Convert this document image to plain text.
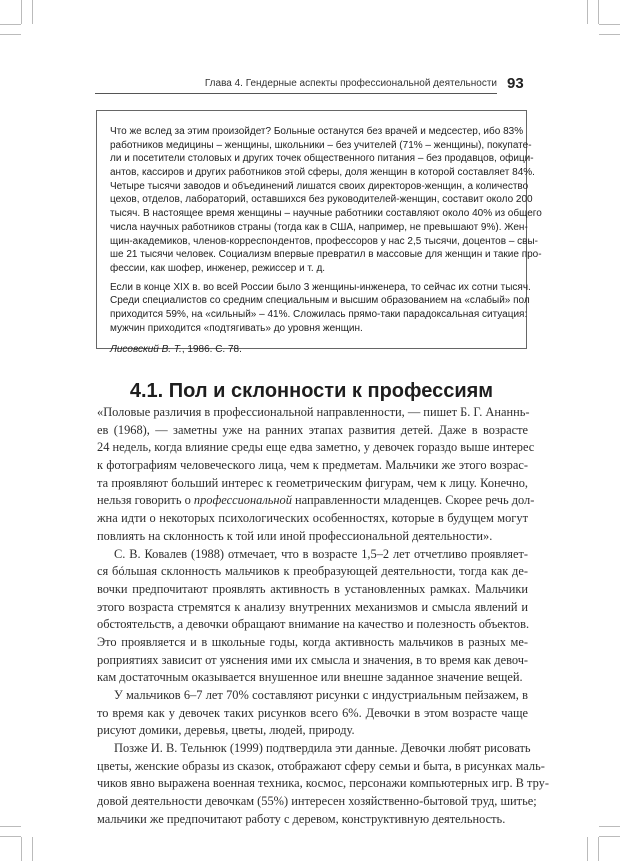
Глава 4. Гендерные аспекты профессиональной деятельности 93
Что же вслед за этим произойдет? Больные останутся без врачей и медсестер, ибо 83%
работников медицины – женщины, школьники – без учителей (71% – женщины), покупате-
ли и посетители столовых и других точек общественного питания – без продавцов, офици-
антов, кассиров и других работников этой сферы, доля женщин в которой составляет 84%.
Четыре тысячи заводов и объединений лишатся своих директоров-женщин, а количество
цехов, отделов, лабораторий, оставшихся без руководителей-женщин, составит около 200
тысяч. В настоящее время женщины – научные работники составляют около 40% из общего
числа научных работников страны (тогда как в США, например, не превышают 9%). Жен-
щин-академиков, членов-корреспондентов, профессоров у нас 2,5 тысячи, доцентов – свы-
ше 21 тысячи человек. Социализм впервые превратил в массовые для женщин и такие про-
фессии, как шофер, инженер, режиссер и т. д.
Если в конце XIX в. во всей России было 3 женщины-инженера, то сейчас их сотни тысяч.
Среди специалистов со средним специальным и высшим образованием на «слабый» пол
приходится 59%, на «сильный» – 41%. Сложилась прямо-таки парадоксальная ситуация:
мужчин приходится «подтягивать» до уровня женщин.
Лисовский В. Т., 1986. С. 78.
4.1. Пол и склонности к профессиям
«Половые различия в профессиональной направленности, — пишет Б. Г. Ананнь-
ев (1968), — заметны уже на ранних этапах развития детей. Даже в возрасте
24 недель, когда влияние среды еще едва заметно, у девочек гораздо выше интерес
к фотографиям человеческого лица, чем к предметам. Мальчики же этого возрас-
та проявляют больший интерес к геометрическим фигурам, чем к лицу. Конечно,
нельзя говорить о профессиональной направленности младенцев. Скорее речь дол-
жна идти о некоторых психологических особенностях, которые в будущем могут
повлиять на склонность к той или иной профессиональной деятельности».
С. В. Ковалев (1988) отмечает, что в возрасте 1,5–2 лет отчетливо проявляет-
ся бóльшая склонность мальчиков к преобразующей деятельности, тогда как де-
вочки предпочитают проявлять активность в установленных рамках. Мальчики
этого возраста стремятся к анализу внутренних механизмов и смысла явлений и
обстоятельств, а девочки обращают внимание на качество и полезность объектов.
Это проявляется и в школьные годы, когда активность мальчиков в разных ме-
роприятиях зависит от уяснения ими их смысла и значения, в то время как девоч-
кам достаточным оказывается внушенное или внешне заданное значение вещей.
У мальчиков 6–7 лет 70% составляют рисунки с индустриальным пейзажем, в
то время как у девочек таких рисунков всего 6%. Девочки в этом возрасте чаще
рисуют домики, деревья, цветы, людей, природу.
Позже И. В. Тельнюк (1999) подтвердила эти данные. Девочки любят рисовать
цветы, женские образы из сказок, отображают сферу семьи и быта, в рисунках маль-
чиков явно выражена военная техника, космос, персонажи компьютерных игр. В тру-
довой деятельности девочкам (55%) интересен хозяйственно-бытовой труд, шитье;
мальчики же предпочитают работу с деревом, конструктивную деятельность.
